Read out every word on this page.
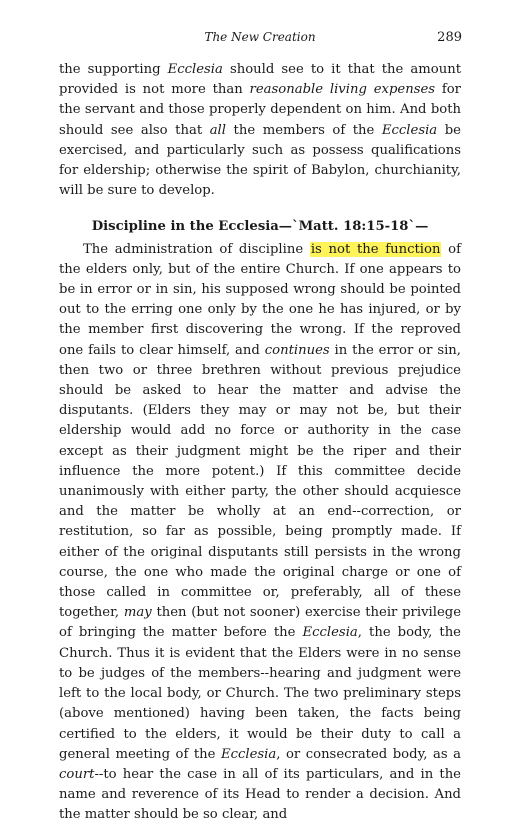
The New Creation	289

the supporting Ecclesia should see to it that the amount provided is not more than reasonable living expenses for the servant and those properly dependent on him. And both should see also that all the members of the Ecclesia be exercised, and particularly such as possess qualifications for eldership; otherwise the spirit of Babylon, churchianity, will be sure to develop.

Discipline in the Ecclesia—`Matt. 18:15-18`—

The administration of discipline is not the function of the elders only, but of the entire Church. If one appears to be in error or in sin, his supposed wrong should be pointed out to the erring one only by the one he has injured, or by the member first discovering the wrong. If the reproved one fails to clear himself, and continues in the error or sin, then two or three brethren without previous prejudice should be asked to hear the matter and advise the disputants. (Elders they may or may not be, but their eldership would add no force or authority in the case except as their judgment might be the riper and their influence the more potent.) If this committee decide unanimously with either party, the other should acquiesce and the matter be wholly at an end--correction, or restitution, so far as possible, being promptly made. If either of the original disputants still persists in the wrong course, the one who made the original charge or one of those called in committee or, preferably, all of these together, may then (but not sooner) exercise their privilege of bringing the matter before the Ecclesia, the body, the Church. Thus it is evident that the Elders were in no sense to be judges of the members--hearing and judgment were left to the local body, or Church. The two preliminary steps (above mentioned) having been taken, the facts being certified to the elders, it would be their duty to call a general meeting of the Ecclesia, or consecrated body, as a court--to hear the case in all of its particulars, and in the name and reverence of its Head to render a decision. And the matter should be so clear, and
